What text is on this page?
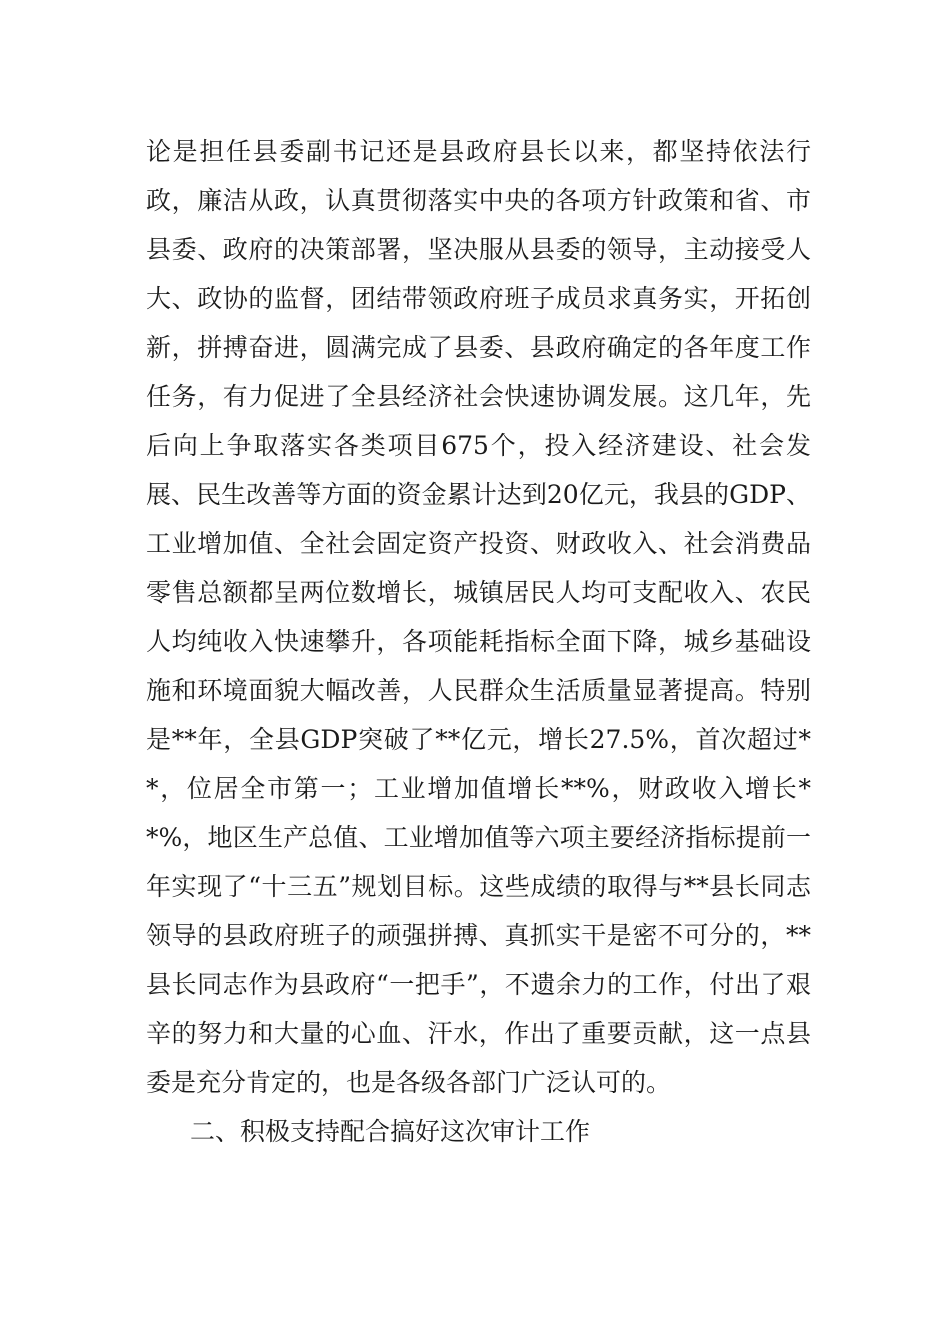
论是担任县委副书记还是县政府县长以来，都坚持依法行政，廉洁从政，认真贯彻落实中央的各项方针政策和省、市县委、政府的决策部署，坚决服从县委的领导，主动接受人大、政协的监督，团结带领政府班子成员求真务实，开拓创新，拼搏奋进，圆满完成了县委、县政府确定的各年度工作任务，有力促进了全县经济社会快速协调发展。这几年，先后向上争取落实各类项目675个，投入经济建设、社会发展、民生改善等方面的资金累计达到20亿元，我县的GDP、工业增加值、全社会固定资产投资、财政收入、社会消费品零售总额都呈两位数增长，城镇居民人均可支配收入、农民人均纯收入快速攀升，各项能耗指标全面下降，城乡基础设施和环境面貌大幅改善，人民群众生活质量显著提高。特别是**年，全县GDP突破了**亿元，增长27.5%，首次超过**，位居全市第一；工业增加值增长**%，财政收入增长**%，地区生产总值、工业增加值等六项主要经济指标提前一年实现了“十三五”规划目标。这些成绩的取得与**县长同志领导的县政府班子的顽强拼搏、真抓实干是密不可分的，**县长同志作为县政府“一把手”，不遗余力的工作，付出了艰辛的努力和大量的心血、汗水，作出了重要贡献，这一点县委是充分肯定的，也是各级各部门广泛认可的。

二、积极支持配合搞好这次审计工作
